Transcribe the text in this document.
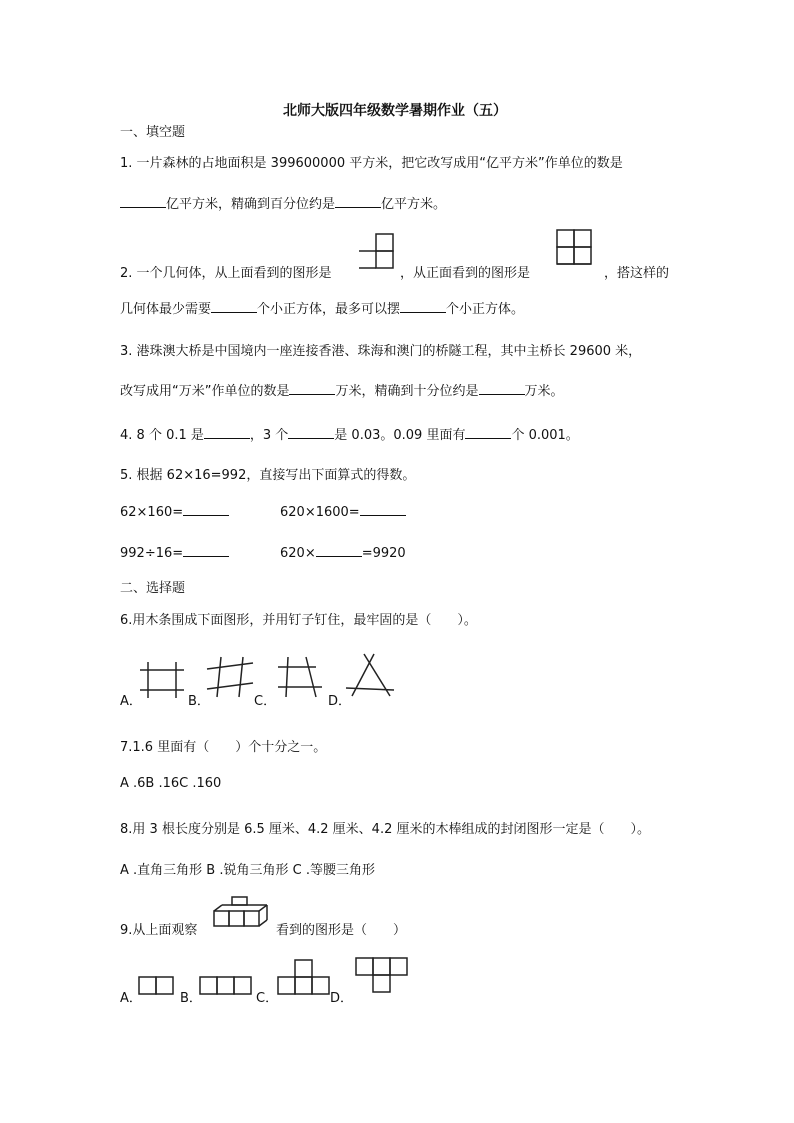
北师大版四年级数学暑期作业（五）
一、填空题
1. 一片森林的占地面积是 399600000 平方米，把它改写成用“亿平方米”作单位的数是
亿平方米，精确到百分位约是	亿平方米。
2. 一个几何体，从上面看到的图形是	，从正面看到的图形是	，搭这样的
几何体最少需要	个小正方体，最多可以摆	个小正方体。
3. 港珠澳大桥是中国境内一座连接香港、珠海和澳门的桥隧工程，其中主桥长 29600 米，
改写成用“万米”作单位的数是	万米，精确到十分位约是	万米。
4. 8 个 0.1 是	，3 个	是 0.03。0.09 里面有	个 0.001。
5. 根据 62×16=992，直接写出下面算式的得数。
62×160=	620×1600=
992÷16=	620×	=9920
二、选择题
6.用木条围成下面图形，并用钉子钉住，最牢固的是（　　）。
A．	B．	C．	D．
7.1.6 里面有（　　）个十分之一。
A .6B .16C .160
8.用 3 根长度分别是 6.5 厘米、4.2 厘米、4.2 厘米的木棒组成的封闭图形一定是（　　）。
A .直角三角形 B .锐角三角形 C .等腰三角形
9.从上面观察	看到的图形是（　　）
A．	B．	C．	D．
